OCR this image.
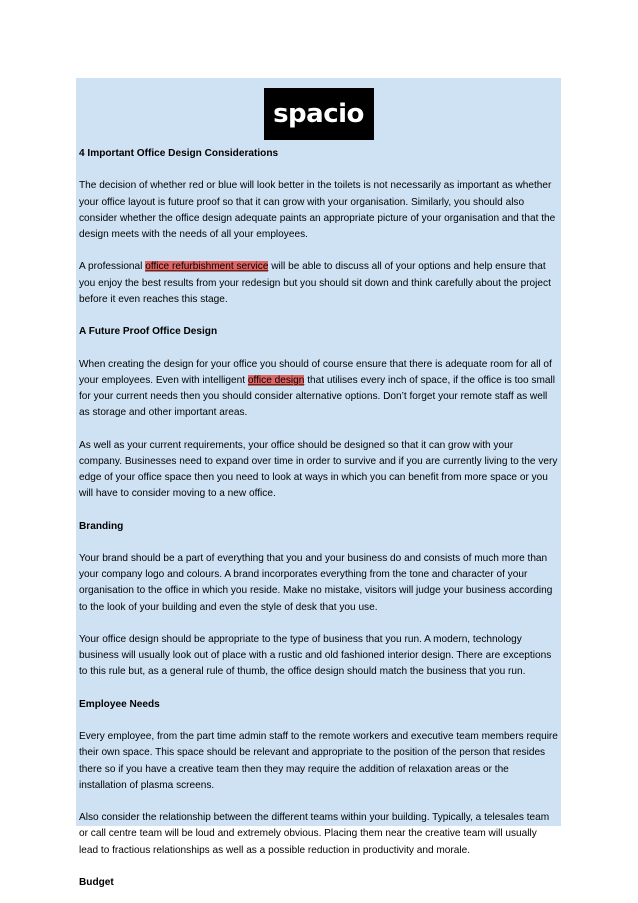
spacio
4 Important Office Design Considerations

The decision of whether red or blue will look better in the toilets is not necessarily as important as whether your office layout is future proof so that it can grow with your organisation. Similarly, you should also consider whether the office design adequate paints an appropriate picture of your organisation and that the design meets with the needs of all your employees.

A professional office refurbishment service will be able to discuss all of your options and help ensure that you enjoy the best results from your redesign but you should sit down and think carefully about the project before it even reaches this stage.

A Future Proof Office Design

When creating the design for your office you should of course ensure that there is adequate room for all of your employees. Even with intelligent office design that utilises every inch of space, if the office is too small for your current needs then you should consider alternative options. Don’t forget your remote staff as well as storage and other important areas.

As well as your current requirements, your office should be designed so that it can grow with your company. Businesses need to expand over time in order to survive and if you are currently living to the very edge of your office space then you need to look at ways in which you can benefit from more space or you will have to consider moving to a new office.

Branding

Your brand should be a part of everything that you and your business do and consists of much more than your company logo and colours. A brand incorporates everything from the tone and character of your organisation to the office in which you reside. Make no mistake, visitors will judge your business according to the look of your building and even the style of desk that you use.

Your office design should be appropriate to the type of business that you run. A modern, technology business will usually look out of place with a rustic and old fashioned interior design. There are exceptions to this rule but, as a general rule of thumb, the office design should match the business that you run.

Employee Needs

Every employee, from the part time admin staff to the remote workers and executive team members require their own space. This space should be relevant and appropriate to the position of the person that resides there so if you have a creative team then they may require the addition of relaxation areas or the installation of plasma screens.

Also consider the relationship between the different teams within your building. Typically, a telesales team or call centre team will be loud and extremely obvious. Placing them near the creative team will usually lead to fractious relationships as well as a possible reduction in productivity and morale.

Budget
